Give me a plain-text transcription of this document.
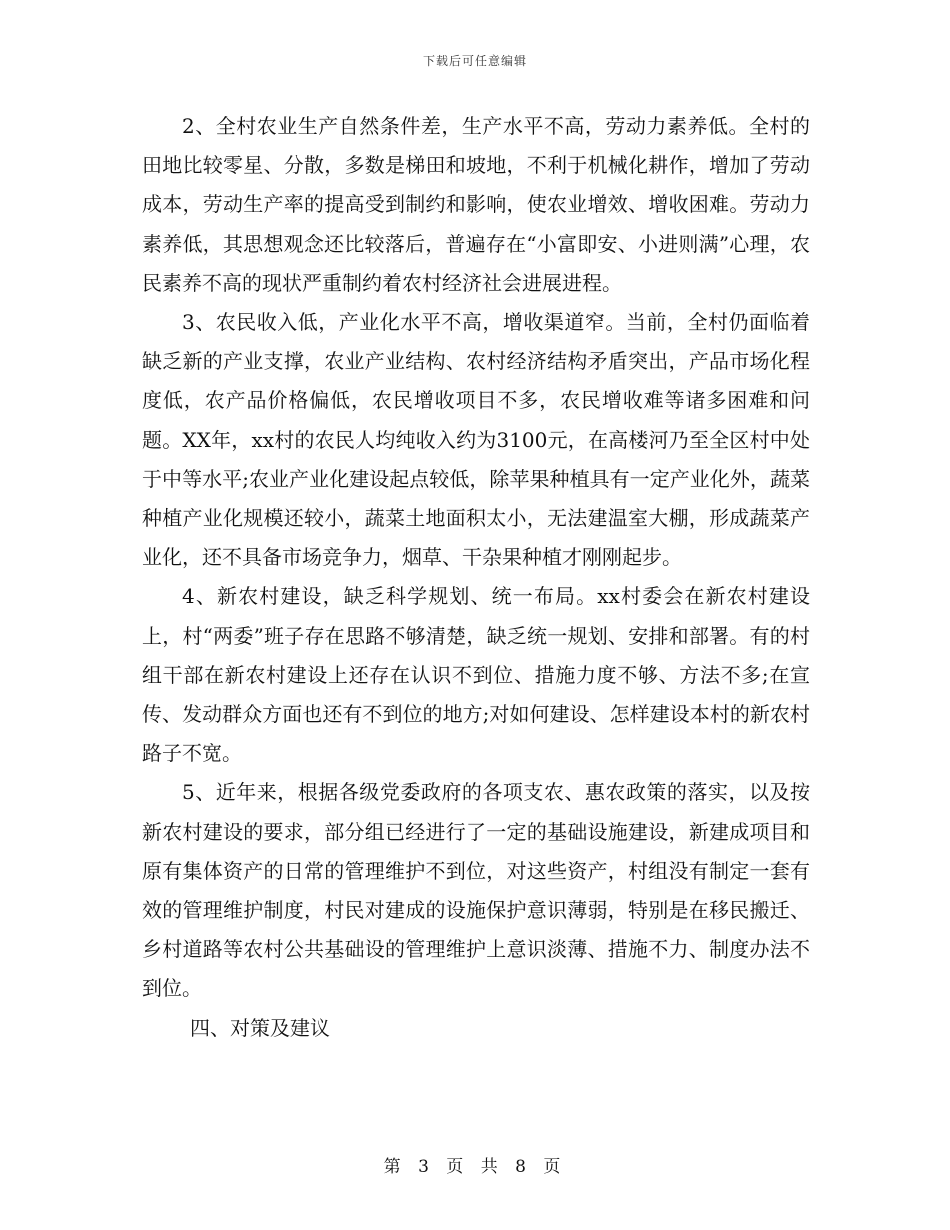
下载后可任意编辑

2、全村农业生产自然条件差，生产水平不高，劳动力素养低。全村的田地比较零星、分散，多数是梯田和坡地，不利于机械化耕作，增加了劳动成本，劳动生产率的提高受到制约和影响，使农业增效、增收困难。劳动力素养低，其思想观念还比较落后，普遍存在“小富即安、小进则满”心理，农民素养不高的现状严重制约着农村经济社会进展进程。

3、农民收入低，产业化水平不高，增收渠道窄。当前，全村仍面临着缺乏新的产业支撑，农业产业结构、农村经济结构矛盾突出，产品市场化程度低，农产品价格偏低，农民增收项目不多，农民增收难等诸多困难和问题。XX年，xx村的农民人均纯收入约为3100元，在高楼河乃至全区村中处于中等水平;农业产业化建设起点较低，除苹果种植具有一定产业化外，蔬菜种植产业化规模还较小，蔬菜土地面积太小，无法建温室大棚，形成蔬菜产业化，还不具备市场竞争力，烟草、干杂果种植才刚刚起步。

4、新农村建设，缺乏科学规划、统一布局。xx村委会在新农村建设上，村“两委”班子存在思路不够清楚，缺乏统一规划、安排和部署。有的村组干部在新农村建设上还存在认识不到位、措施力度不够、方法不多;在宣传、发动群众方面也还有不到位的地方;对如何建设、怎样建设本村的新农村路子不宽。

5、近年来，根据各级党委政府的各项支农、惠农政策的落实，以及按新农村建设的要求，部分组已经进行了一定的基础设施建设，新建成项目和原有集体资产的日常的管理维护不到位，对这些资产，村组没有制定一套有效的管理维护制度，村民对建成的设施保护意识薄弱，特别是在移民搬迁、乡村道路等农村公共基础设的管理维护上意识淡薄、措施不力、制度办法不到位。

四、对策及建议

第 3 页 共 8 页
